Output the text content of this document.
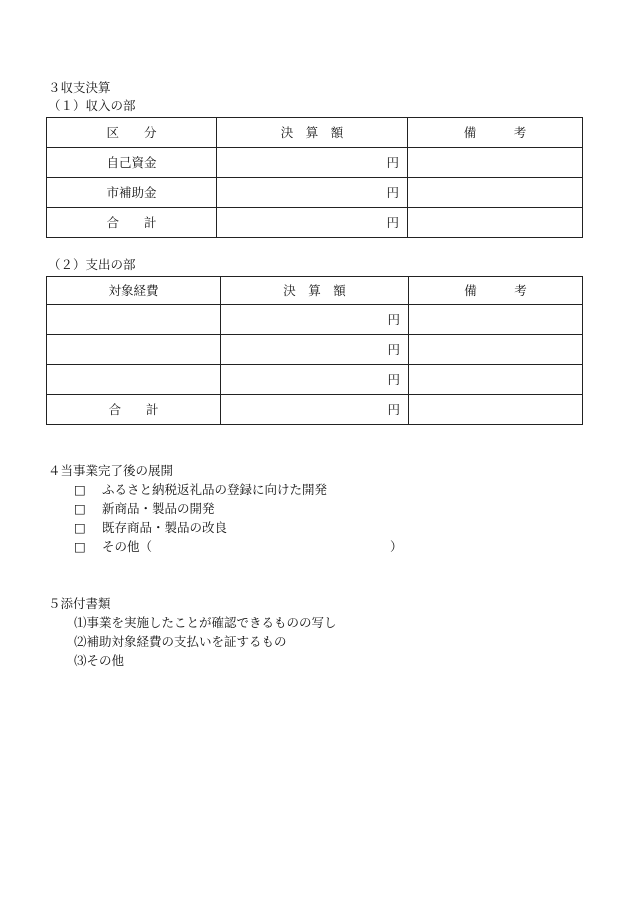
３収支決算
（１）収入の部
区　　分	決　算　額	備　　　考
自己資金	円	
市補助金	円	
合　　計	円	
（２）支出の部
対象経費	決　算　額	備　　　考
	円	
	円	
	円	
合　　計	円	
４当事業完了後の展開
□ ふるさと納税返礼品の登録に向けた開発
□ 新商品・製品の開発
□ 既存商品・製品の改良
□ その他（	）
５添付書類
⑴事業を実施したことが確認できるものの写し
⑵補助対象経費の支払いを証するもの
⑶その他
